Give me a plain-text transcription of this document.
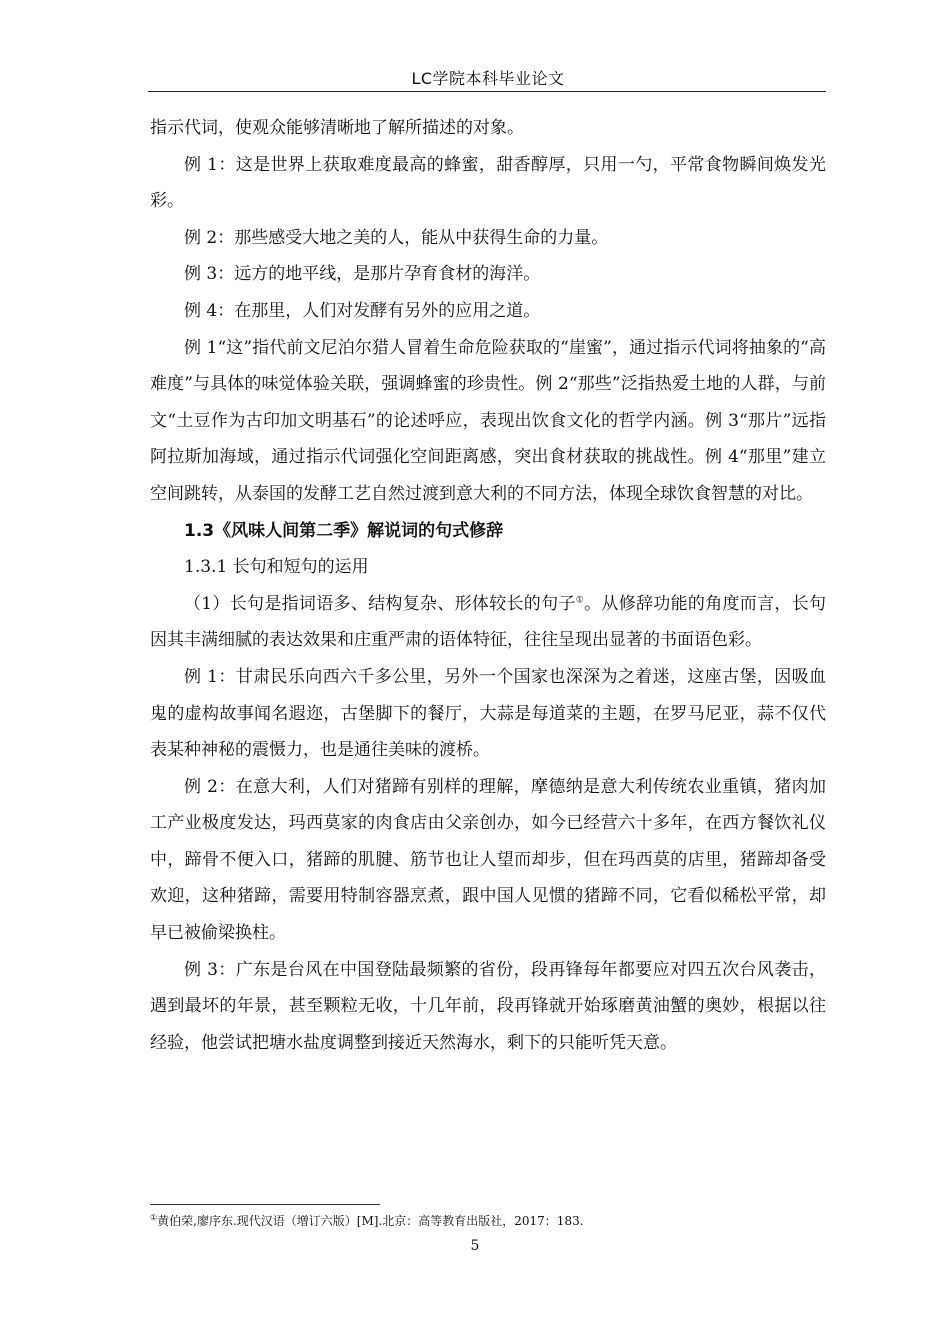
LC学院本科毕业论文

指示代词，使观众能够清晰地了解所描述的对象。

例 1：这是世界上获取难度最高的蜂蜜，甜香醇厚，只用一勺，平常食物瞬间焕发光彩。

例 2：那些感受大地之美的人，能从中获得生命的力量。

例 3：远方的地平线，是那片孕育食材的海洋。

例 4：在那里，人们对发酵有另外的应用之道。

例 1“这”指代前文尼泊尔猎人冒着生命危险获取的“崖蜜”，通过指示代词将抽象的“高难度”与具体的味觉体验关联，强调蜂蜜的珍贵性。例 2“那些”泛指热爱土地的人群，与前文“土豆作为古印加文明基石”的论述呼应，表现出饮食文化的哲学内涵。例 3“那片”远指阿拉斯加海域，通过指示代词强化空间距离感，突出食材获取的挑战性。例 4“那里”建立空间跳转，从泰国的发酵工艺自然过渡到意大利的不同方法，体现全球饮食智慧的对比。

1.3《风味人间第二季》解说词的句式修辞
1.3.1 长句和短句的运用

（1）长句是指词语多、结构复杂、形体较长的句子①。从修辞功能的角度而言，长句因其丰满细腻的表达效果和庄重严肃的语体特征，往往呈现出显著的书面语色彩。

例 1：甘肃民乐向西六千多公里，另外一个国家也深深为之着迷，这座古堡，因吸血鬼的虚构故事闻名遐迩，古堡脚下的餐厅，大蒜是每道菜的主题，在罗马尼亚，蒜不仅代表某种神秘的震慑力，也是通往美味的渡桥。

例 2：在意大利，人们对猪蹄有别样的理解，摩德纳是意大利传统农业重镇，猪肉加工产业极度发达，玛西莫家的肉食店由父亲创办，如今已经营六十多年，在西方餐饮礼仪中，蹄骨不便入口，猪蹄的肌腱、筋节也让人望而却步，但在玛西莫的店里，猪蹄却备受欢迎，这种猪蹄，需要用特制容器烹煮，跟中国人见惯的猪蹄不同，它看似稀松平常，却早已被偷梁换柱。

例 3：广东是台风在中国登陆最频繁的省份，段再锋每年都要应对四五次台风袭击，遇到最坏的年景，甚至颗粒无收，十几年前，段再锋就开始琢磨黄油蟹的奥妙，根据以往经验，他尝试把塘水盐度调整到接近天然海水，剩下的只能听凭天意。

①黄伯荣,廖序东.现代汉语（增订六版）[M].北京：高等教育出版社，2017：183.
5
